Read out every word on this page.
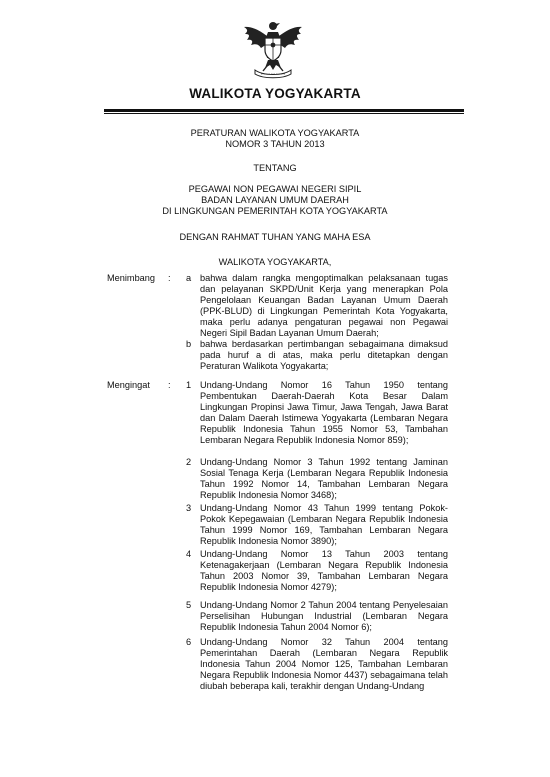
WALIKOTA YOGYAKARTA
PERATURAN WALIKOTA YOGYAKARTA
NOMOR 3 TAHUN 2013
TENTANG
PEGAWAI NON PEGAWAI NEGERI SIPIL
BADAN LAYANAN UMUM DAERAH
DI LINGKUNGAN PEMERINTAH KOTA YOGYAKARTA
DENGAN RAHMAT TUHAN YANG MAHA ESA
WALIKOTA YOGYAKARTA,
Menimbang : a bahwa dalam rangka mengoptimalkan pelaksanaan tugas dan pelayanan SKPD/Unit Kerja yang menerapkan Pola Pengelolaan Keuangan Badan Layanan Umum Daerah (PPK-BLUD) di Lingkungan Pemerintah Kota Yogyakarta, maka perlu adanya pengaturan pegawai non Pegawai Negeri Sipil Badan Layanan Umum Daerah;

b bahwa berdasarkan pertimbangan sebagaimana dimaksud pada huruf a di atas, maka perlu ditetapkan dengan Peraturan Walikota Yogyakarta;

Mengingat : 1 Undang-Undang Nomor 16 Tahun 1950 tentang Pembentukan Daerah-Daerah Kota Besar Dalam Lingkungan Propinsi Jawa Timur, Jawa Tengah, Jawa Barat dan Dalam Daerah Istimewa Yogyakarta (Lembaran Negara Republik Indonesia Tahun 1955 Nomor 53, Tambahan Lembaran Negara Republik Indonesia Nomor 859);

2 Undang-Undang Nomor 3 Tahun 1992 tentang Jaminan Sosial Tenaga Kerja (Lembaran Negara Republik Indonesia Tahun 1992 Nomor 14, Tambahan Lembaran Negara Republik Indonesia Nomor 3468);

3 Undang-Undang Nomor 43 Tahun 1999 tentang Pokok-Pokok Kepegawaian (Lembaran Negara Republik Indonesia Tahun 1999 Nomor 169, Tambahan Lembaran Negara Republik Indonesia Nomor 3890);

4 Undang-Undang Nomor 13 Tahun 2003 tentang Ketenagakerjaan (Lembaran Negara Republik Indonesia Tahun 2003 Nomor 39, Tambahan Lembaran Negara Republik Indonesia Nomor 4279);

5 Undang-Undang Nomor 2 Tahun 2004 tentang Penyelesaian Perselisihan Hubungan Industrial (Lembaran Negara Republik Indonesia Tahun 2004 Nomor 6);

6 Undang-Undang Nomor 32 Tahun 2004 tentang Pemerintahan Daerah (Lembaran Negara Republik Indonesia Tahun 2004 Nomor 125, Tambahan Lembaran Negara Republik Indonesia Nomor 4437) sebagaimana telah diubah beberapa kali, terakhir dengan Undang-Undang
